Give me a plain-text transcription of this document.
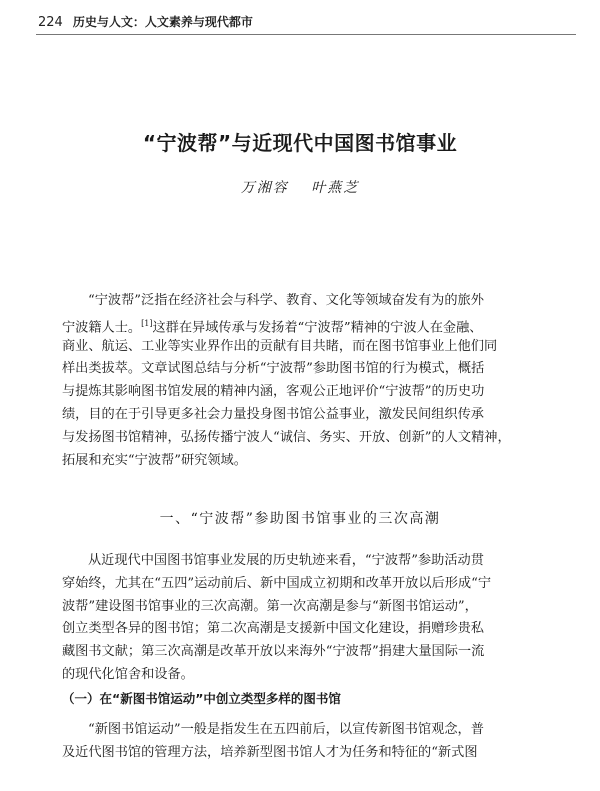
224 历史与人文：人文素养与现代都市
“宁波帮”与近现代中国图书馆事业
万湘容　 叶燕芝
“宁波帮”泛指在经济社会与科学、教育、文化等领域奋发有为的旅外
宁波籍人士。[1]这群在异域传承与发扬着“宁波帮”精神的宁波人在金融、
商业、航运、工业等实业界作出的贡献有目共睹，而在图书馆事业上他们同
样出类拔萃。文章试图总结与分析“宁波帮”参助图书馆的行为模式，概括
与提炼其影响图书馆发展的精神内涵，客观公正地评价“宁波帮”的历史功
绩，目的在于引导更多社会力量投身图书馆公益事业，激发民间组织传承
与发扬图书馆精神，弘扬传播宁波人“诚信、务实、开放、创新”的人文精神，
拓展和充实“宁波帮”研究领域。
一、“宁波帮”参助图书馆事业的三次高潮
从近现代中国图书馆事业发展的历史轨迹来看，“宁波帮”参助活动贯
穿始终，尤其在“五四”运动前后、新中国成立初期和改革开放以后形成“宁
波帮”建设图书馆事业的三次高潮。第一次高潮是参与“新图书馆运动”，
创立类型各异的图书馆；第二次高潮是支援新中国文化建设，捐赠珍贵私
藏图书文献；第三次高潮是改革开放以来海外“宁波帮”捐建大量国际一流
的现代化馆舍和设备。
（一）在“新图书馆运动”中创立类型多样的图书馆
“新图书馆运动”一般是指发生在五四前后，以宣传新图书馆观念，普
及近代图书馆的管理方法，培养新型图书馆人才为任务和特征的“新式图
